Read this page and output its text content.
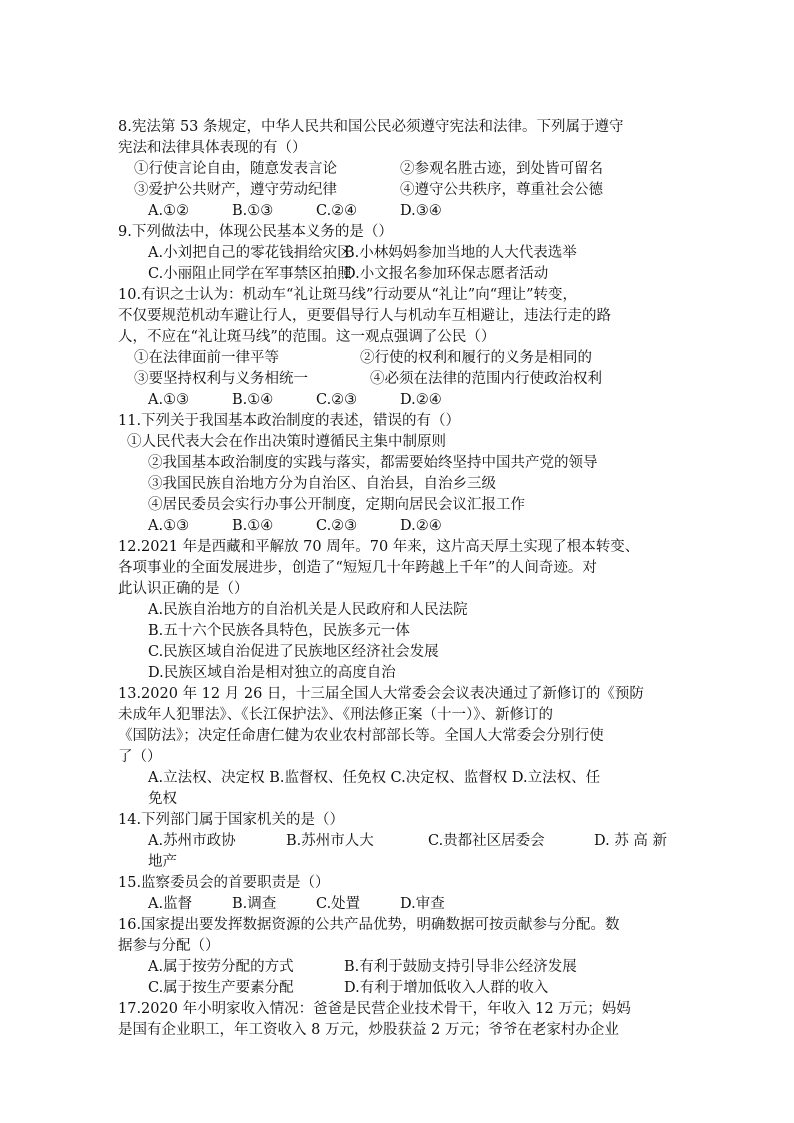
8.宪法第 53 条规定，中华人民共和国公民必须遵守宪法和法律。下列属于遵守
宪法和法律具体表现的有（）
①行使言论自由，随意发表言论	②参观名胜古迹，到处皆可留名
③爱护公共财产，遵守劳动纪律	④遵守公共秩序，尊重社会公德
A.①②	B.①③	C.②④	D.③④
9.下列做法中，体现公民基本义务的是（）
A.小刘把自己的零花钱捐给灾区
B.小林妈妈参加当地的人大代表选举
C.小丽阻止同学在军事禁区拍照
D.小文报名参加环保志愿者活动
10.有识之士认为：机动车“礼让斑马线”行动要从“礼让”向“理让”转变，
不仅要规范机动车避让行人，更要倡导行人与机动车互相避让，违法行走的路
人，不应在“礼让斑马线”的范围。这一观点强调了公民（）
①在法律面前一律平等	②行使的权利和履行的义务是相同的
③要坚持权利与义务相统一	④必须在法律的范围内行使政治权利
A.①③	B.①④	C.②③	D.②④
11.下列关于我国基本政治制度的表述，错误的有（）
①人民代表大会在作出决策时遵循民主集中制原则
②我国基本政治制度的实践与落实，都需要始终坚持中国共产党的领导
③我国民族自治地方分为自治区、自治县，自治乡三级
④居民委员会实行办事公开制度，定期向居民会议汇报工作
A.①③	B.①④	C.②③	D.②④
12.2021 年是西藏和平解放 70 周年。70 年来，这片高天厚土实现了根本转变、
各项事业的全面发展进步，创造了“短短几十年跨越上千年”的人间奇迹。对
此认识正确的是（）
A.民族自治地方的自治机关是人民政府和人民法院
B.五十六个民族各具特色，民族多元一体
C.民族区域自治促进了民族地区经济社会发展
D.民族区域自治是相对独立的高度自治
13.2020 年 12 月 26 日，十三届全国人大常委会会议表决通过了新修订的《预防
未成年人犯罪法》、《长江保护法》、《刑法修正案（十一）》、新修订的
《国防法》；决定任命唐仁健为农业农村部部长等。全国人大常委会分别行使
了（）
A.立法权、决定权 B.监督权、任免权 C.决定权、监督权 D.立法权、任
免权
14.下列部门属于国家机关的是（）
A.苏州市政协	B.苏州市人大	C.贵都社区居委会	D. 苏 高 新
地产
15.监察委员会的首要职责是（）
A.监督	B.调查	C.处置	D.审查
16.国家提出要发挥数据资源的公共产品优势，明确数据可按贡献参与分配。数
据参与分配（）
A.属于按劳分配的方式	B.有利于鼓励支持引导非公经济发展
C.属于按生产要素分配	D.有利于增加低收入人群的收入
17.2020 年小明家收入情况：爸爸是民营企业技术骨干，年收入 12 万元；妈妈
是国有企业职工，年工资收入 8 万元，炒股获益 2 万元；爷爷在老家村办企业
